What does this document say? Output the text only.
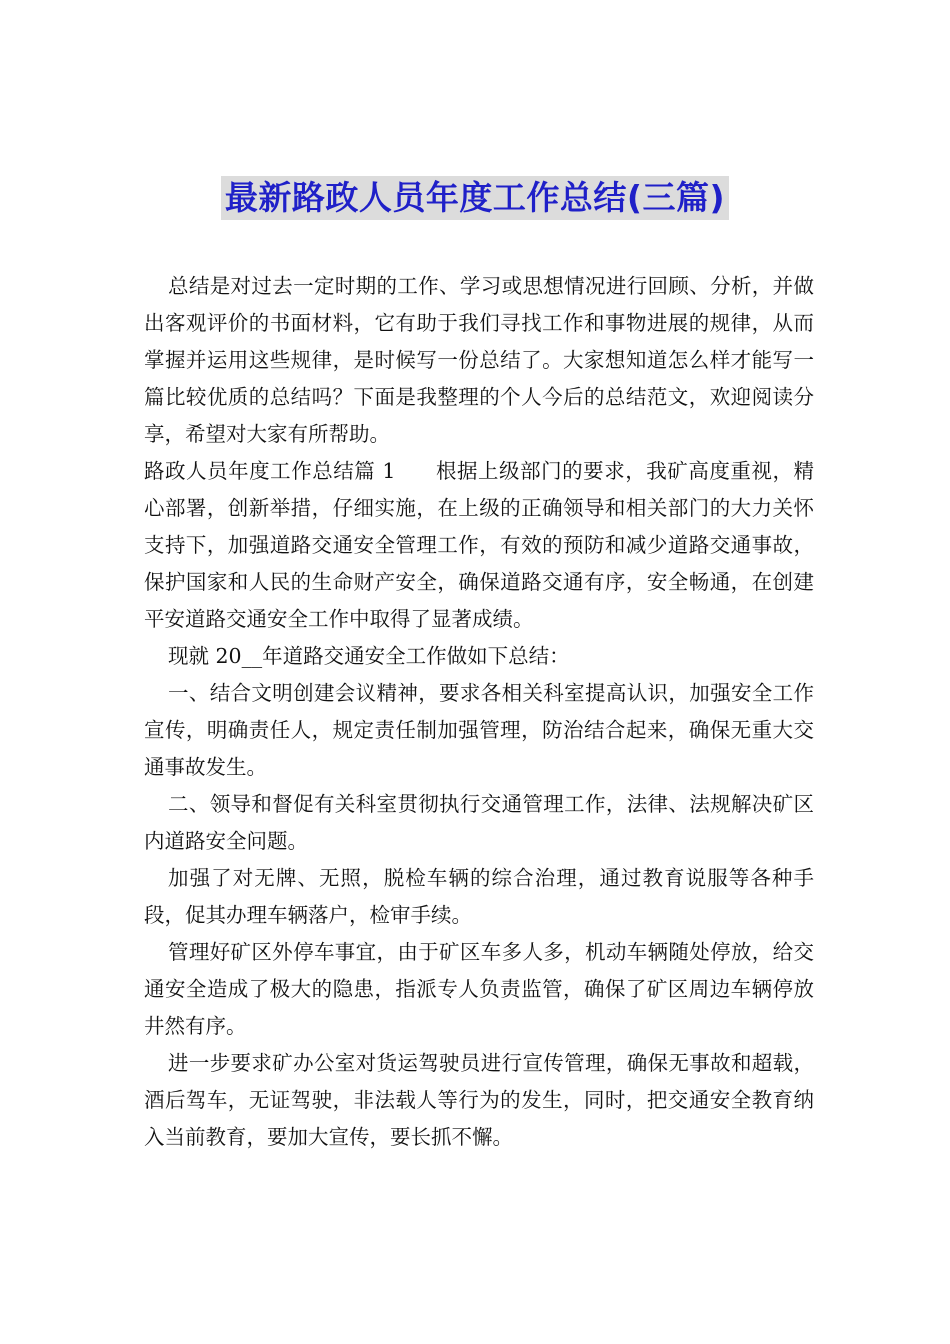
最新路政人员年度工作总结(三篇)

总结是对过去一定时期的工作、学习或思想情况进行回顾、分析，并做出客观评价的书面材料，它有助于我们寻找工作和事物进展的规律，从而掌握并运用这些规律，是时候写一份总结了。大家想知道怎么样才能写一篇比较优质的总结吗？下面是我整理的个人今后的总结范文，欢迎阅读分享，希望对大家有所帮助。

路政人员年度工作总结篇 1 根据上级部门的要求，我矿高度重视，精心部署，创新举措，仔细实施，在上级的正确领导和相关部门的大力关怀支持下，加强道路交通安全管理工作，有效的预防和减少道路交通事故，保护国家和人民的生命财产安全，确保道路交通有序，安全畅通，在创建平安道路交通安全工作中取得了显著成绩。

现就 20__年道路交通安全工作做如下总结：

一、结合文明创建会议精神，要求各相关科室提高认识，加强安全工作宣传，明确责任人，规定责任制加强管理，防治结合起来，确保无重大交通事故发生。

二、领导和督促有关科室贯彻执行交通管理工作，法律、法规解决矿区内道路安全问题。

加强了对无牌、无照，脱检车辆的综合治理，通过教育说服等各种手段，促其办理车辆落户，检审手续。

管理好矿区外停车事宜，由于矿区车多人多，机动车辆随处停放，给交通安全造成了极大的隐患，指派专人负责监管，确保了矿区周边车辆停放井然有序。

进一步要求矿办公室对货运驾驶员进行宣传管理，确保无事故和超载，酒后驾车，无证驾驶，非法载人等行为的发生，同时，把交通安全教育纳入当前教育，要加大宣传，要长抓不懈。
